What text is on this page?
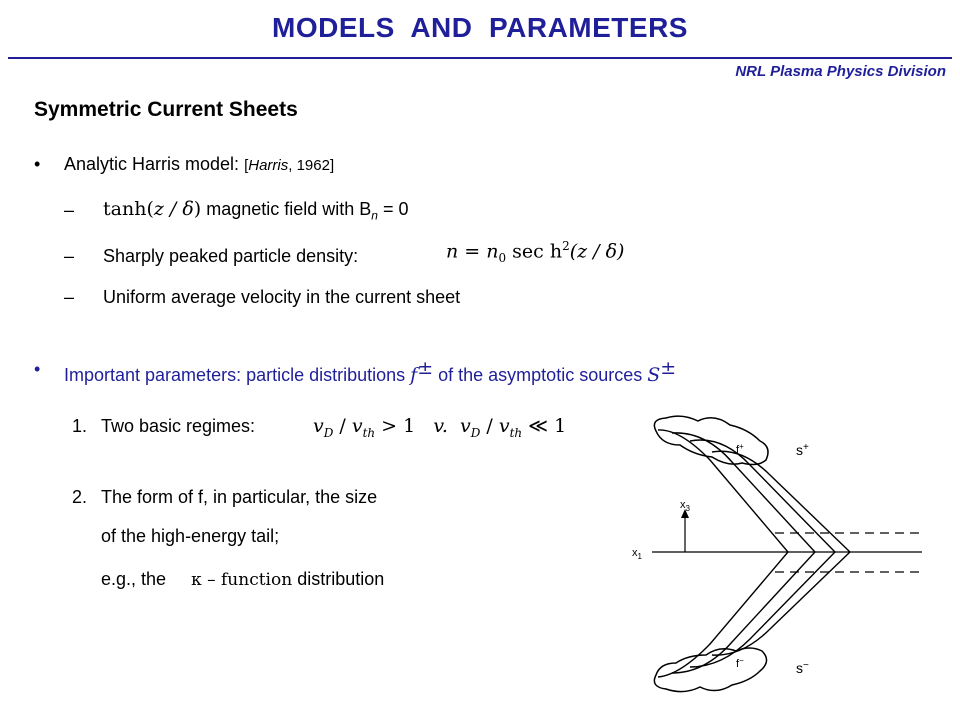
MODELS  AND  PARAMETERS
NRL Plasma Physics Division
Symmetric Current Sheets
• Analytic Harris model: [Harris, 1962]
– tanh(z / δ) magnetic field with $B_n = 0$
– Sharply peaked particle density:	$n = n_0$ $\sec h^2(z / \delta)$
– Uniform average velocity in the current sheet
• Important parameters: particle distributions f± of the asymptotic sources S±
1. Two basic regimes:	$v_D / v_{th} > 1$ v. $v_D / v_{th}$ ≪ 1
2. The form of f, in particular, the size
of the high-energy tail;
e.g., the     κ – function distribution
f+	s+
f−	s−
$x_3$
$x_1$
